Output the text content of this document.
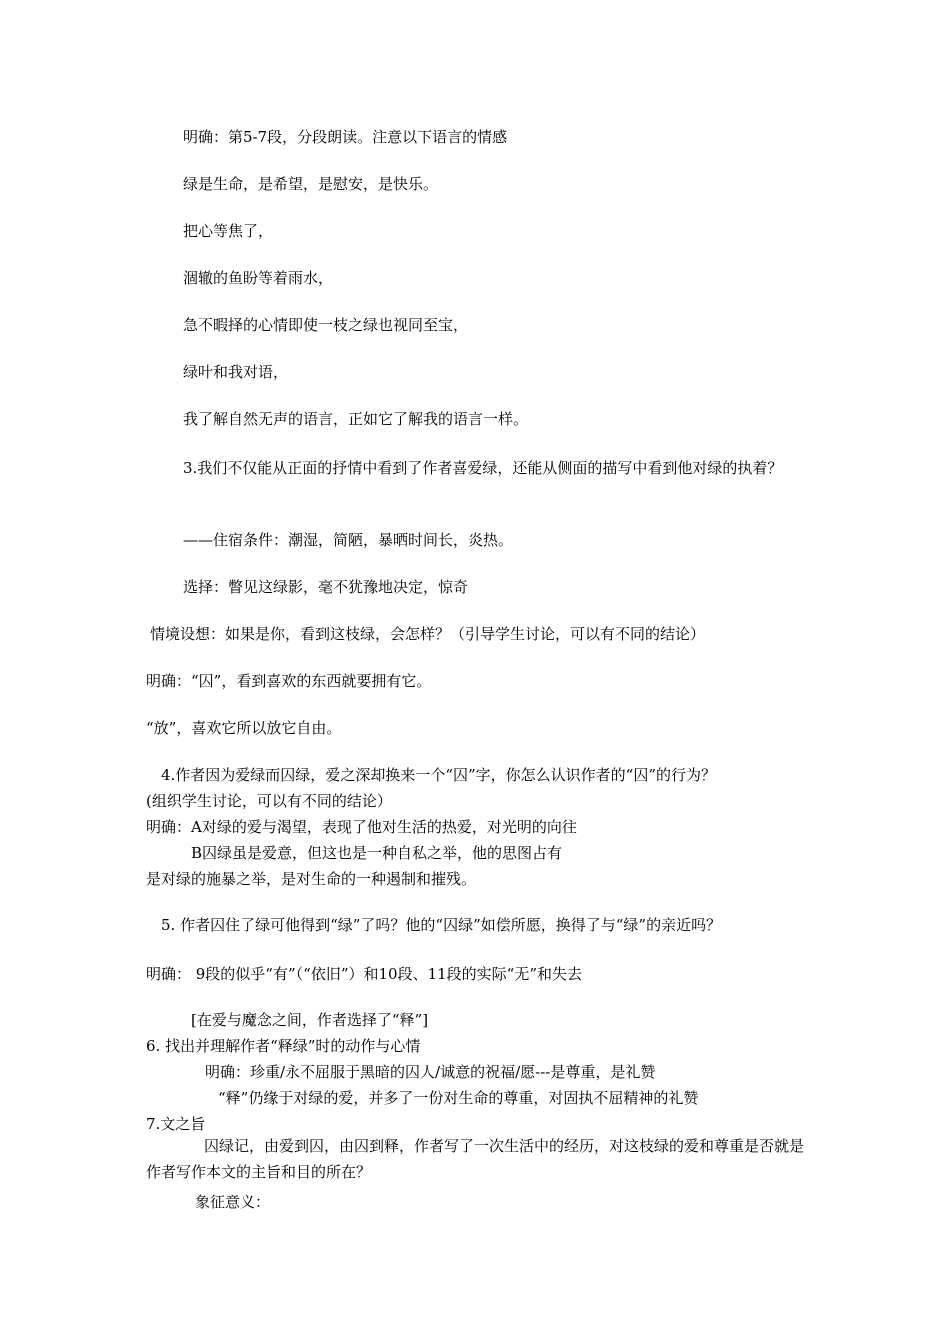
明确：第5-7段，分段朗读。注意以下语言的情感
绿是生命，是希望，是慰安，是快乐。
把心等焦了，
涸辙的鱼盼等着雨水，
急不暇择的心情即使一枝之绿也视同至宝，
绿叶和我对语，
我了解自然无声的语言，正如它了解我的语言一样。
3.我们不仅能从正面的抒情中看到了作者喜爱绿，还能从侧面的描写中看到他对绿的执着？
——住宿条件：潮湿，简陋，暴晒时间长，炎热。
选择：瞥见这绿影，毫不犹豫地决定，惊奇
情境设想：如果是你，看到这枝绿，会怎样？（引导学生讨论，可以有不同的结论）
明确：“囚”，看到喜欢的东西就要拥有它。
“放”，喜欢它所以放它自由。
4.作者因为爱绿而囚绿，爱之深却换来一个“囚”字，你怎么认识作者的“囚”的行为？
(组织学生讨论，可以有不同的结论）
明确：A对绿的爱与渴望，表现了他对生活的热爱，对光明的向往
B囚绿虽是爱意，但这也是一种自私之举，他的思图占有
是对绿的施暴之举，是对生命的一种遏制和摧残。
5. 作者囚住了绿可他得到“绿”了吗？他的“囚绿”如偿所愿，换得了与“绿”的亲近吗？
明确： 9段的似乎“有”（“依旧”）和10段、11段的实际“无”和失去
[在爱与魔念之间，作者选择了“释”]
6. 找出并理解作者“释绿”时的动作与心情
明确：珍重/永不屈服于黑暗的囚人/诚意的祝福/愿---是尊重，是礼赞
“释”仍缘于对绿的爱，并多了一份对生命的尊重，对固执不屈精神的礼赞
7.文之旨
囚绿记，由爱到囚，由囚到释，作者写了一次生活中的经历，对这枝绿的爱和尊重是否就是作者写作本文的主旨和目的所在？
象征意义：
